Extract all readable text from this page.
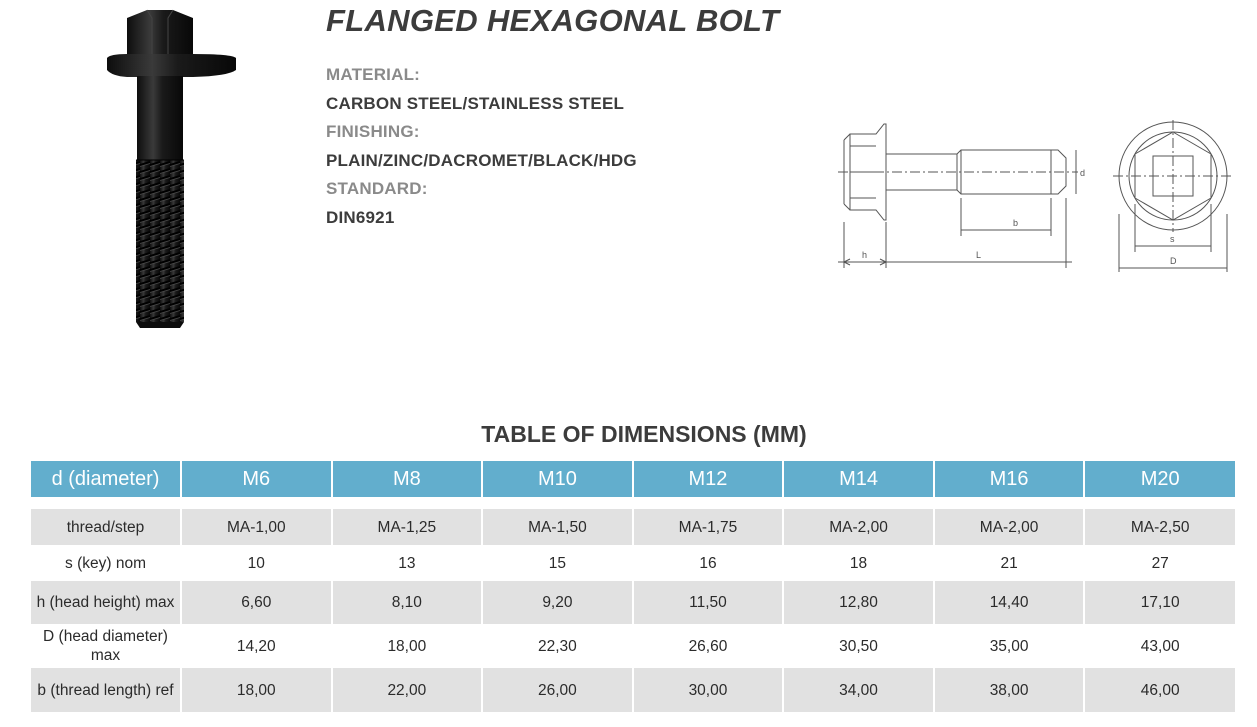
FLANGED HEXAGONAL BOLT
MATERIAL:
CARBON STEEL/STAINLESS STEEL
FINISHING:
PLAIN/ZINC/DACROMET/BLACK/HDG
STANDARD:
DIN6921
h	L
b
d
s
D
TABLE OF DIMENSIONS (MM)
d (diameter)	M6	M8	M10	M12	M14	M16	M20

thread/step	MA-1,00	MA-1,25	MA-1,50	MA-1,75	MA-2,00	MA-2,00	MA-2,50
s (key) nom	10	13	15	16	18	21	27
h (head height) max	6,60	8,10	9,20	11,50	12,80	14,40	17,10
D (head diameter) max	14,20	18,00	22,30	26,60	30,50	35,00	43,00
b (thread length) ref	18,00	22,00	26,00	30,00	34,00	38,00	46,00
